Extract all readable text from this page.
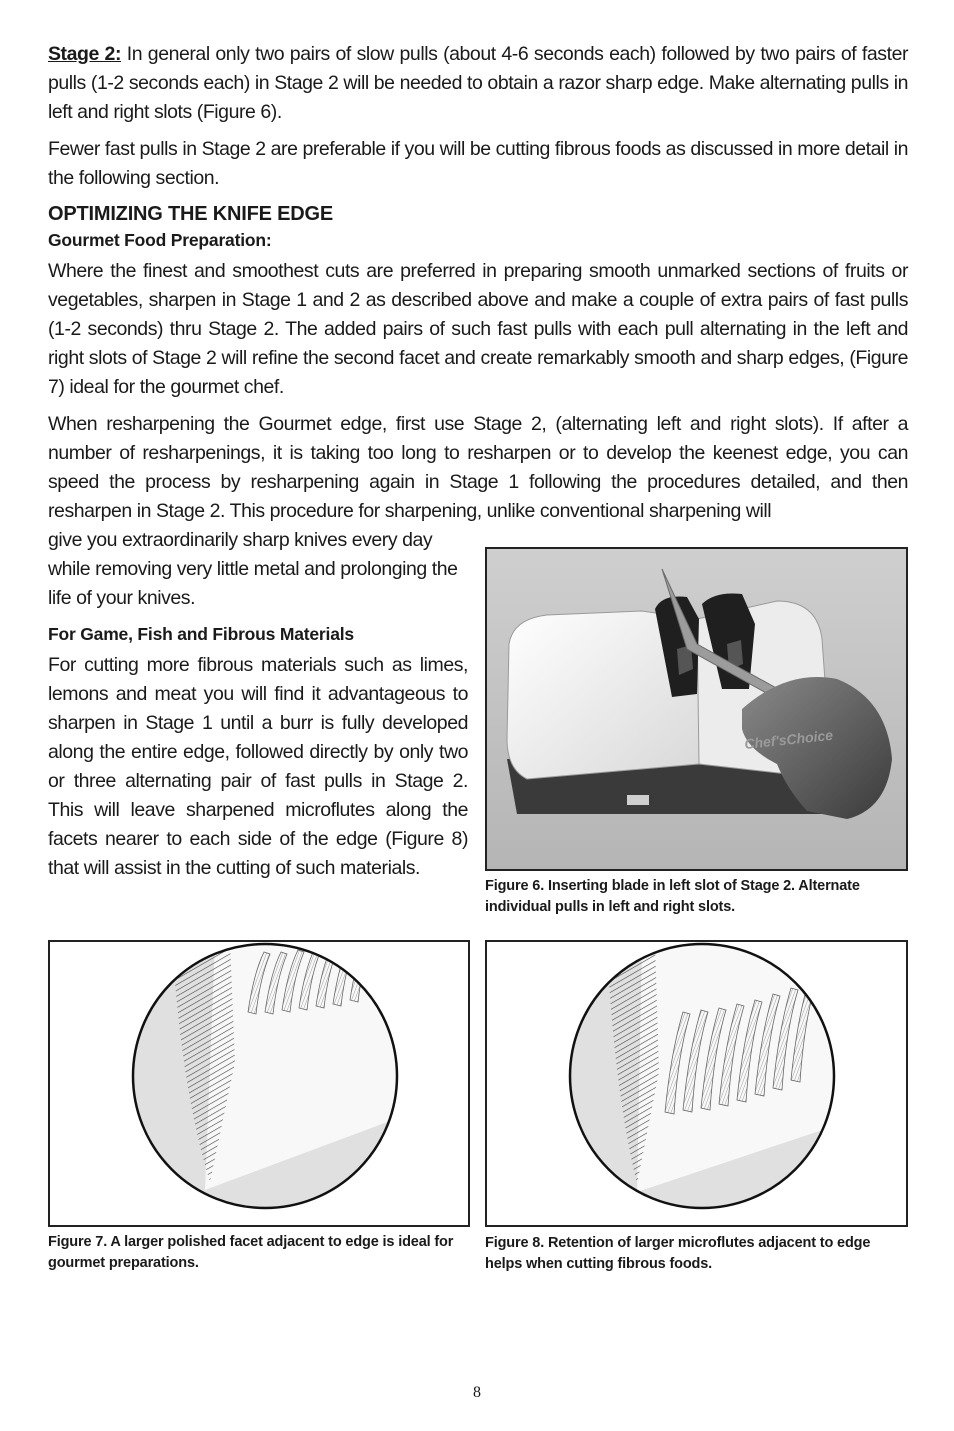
Stage 2: In general only two pairs of slow pulls (about 4-6 seconds each) followed by two pairs of faster pulls (1-2 seconds each) in Stage 2 will be needed to obtain a razor sharp edge. Make alternating pulls in left and right slots (Figure 6).

Fewer fast pulls in Stage 2 are preferable if you will be cutting fibrous foods as discussed in more detail in the following section.

OPTIMIZING THE KNIFE EDGE
Gourmet Food Preparation:

Where the finest and smoothest cuts are preferred in preparing smooth unmarked sections of fruits or vegetables, sharpen in Stage 1 and 2 as described above and make a couple of extra pairs of fast pulls (1-2 seconds) thru Stage 2. The added pairs of such fast pulls with each pull alternating in the left and right slots of Stage 2 will refine the second facet and create remarkably smooth and sharp edges, (Figure 7) ideal for the gourmet chef.

When resharpening the Gourmet edge, first use Stage 2, (alternating left and right slots). If after a number of resharpenings, it is taking too long to resharpen or to develop the keenest edge, you can speed the process by resharpening again in Stage 1 following the procedures detailed, and then resharpen in Stage 2. This procedure for sharpening, unlike conventional sharpening will

give you extraordinarily sharp knives every day while removing very little metal and prolonging the life of your knives.

For Game, Fish and Fibrous Materials

For cutting more fibrous materials such as limes, lemons and meat you will find it advantageous to sharpen in Stage 1 until a burr is fully developed along the entire edge, followed directly by only two or three alternating pair of fast pulls in Stage 2. This will leave sharpened microflutes along the facets nearer to each side of the edge (Figure 8) that will assist in the cutting of such materials.

Chef'sChoice
Figure 6. Inserting blade in left slot of Stage 2. Alternate individual pulls in left and right slots.
Figure 7. A larger polished facet adjacent to edge is ideal for gourmet preparations.
Figure 8. Retention of larger microflutes adjacent to edge helps when cutting fibrous foods.
8
